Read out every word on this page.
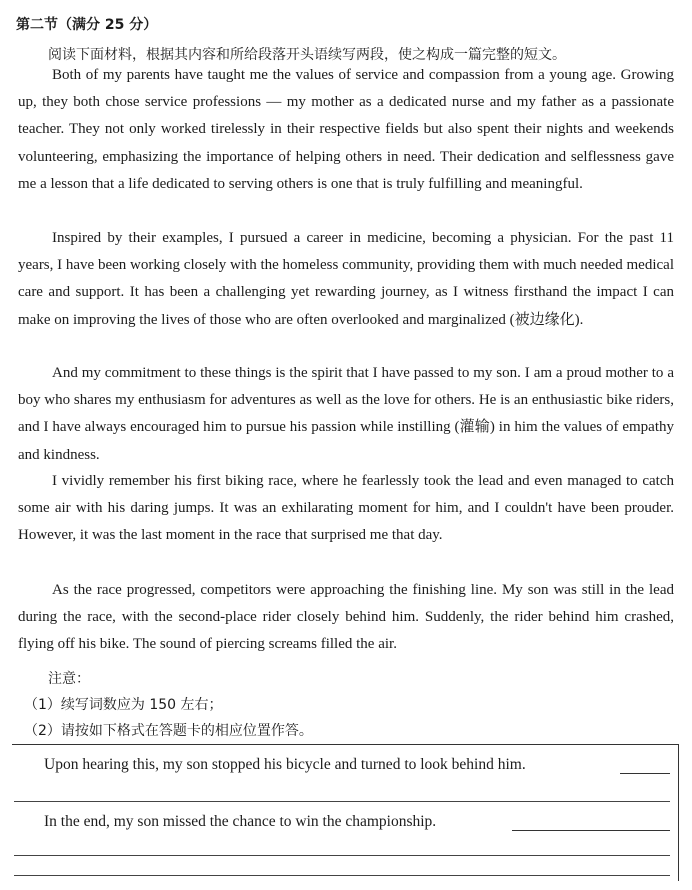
第二节（满分 25 分）
阅读下面材料，根据其内容和所给段落开头语续写两段，使之构成一篇完整的短文。

Both of my parents have taught me the values of service and compassion from a young age. Growing up, they both chose service professions — my mother as a dedicated nurse and my father as a passionate teacher. They not only worked tirelessly in their respective fields but also spent their nights and weekends volunteering, emphasizing the importance of helping others in need. Their dedication and selflessness gave me a lesson that a life dedicated to serving others is one that is truly fulfilling and meaningful.

Inspired by their examples, I pursued a career in medicine, becoming a physician. For the past 11 years, I have been working closely with the homeless community, providing them with much needed medical care and support. It has been a challenging yet rewarding journey, as I witness firsthand the impact I can make on improving the lives of those who are often overlooked and marginalized (被边缘化).

And my commitment to these things is the spirit that I have passed to my son. I am a proud mother to a boy who shares my enthusiasm for adventures as well as the love for others. He is an enthusiastic bike riders, and I have always encouraged him to pursue his passion while instilling (灌输) in him the values of empathy and kindness.

I vividly remember his first biking race, where he fearlessly took the lead and even managed to catch some air with his daring jumps. It was an exhilarating moment for him, and I couldn't have been prouder. However, it was the last moment in the race that surprised me that day.

As the race progressed, competitors were approaching the finishing line. My son was still in the lead during the race, with the second-place rider closely behind him. Suddenly, the rider behind him crashed, flying off his bike. The sound of piercing screams filled the air.

注意：
（1）续写词数应为 150 左右；
（2）请按如下格式在答题卡的相应位置作答。
Upon hearing this, my son stopped his bicycle and turned to look behind him.
In the end, my son missed the chance to win the championship.
